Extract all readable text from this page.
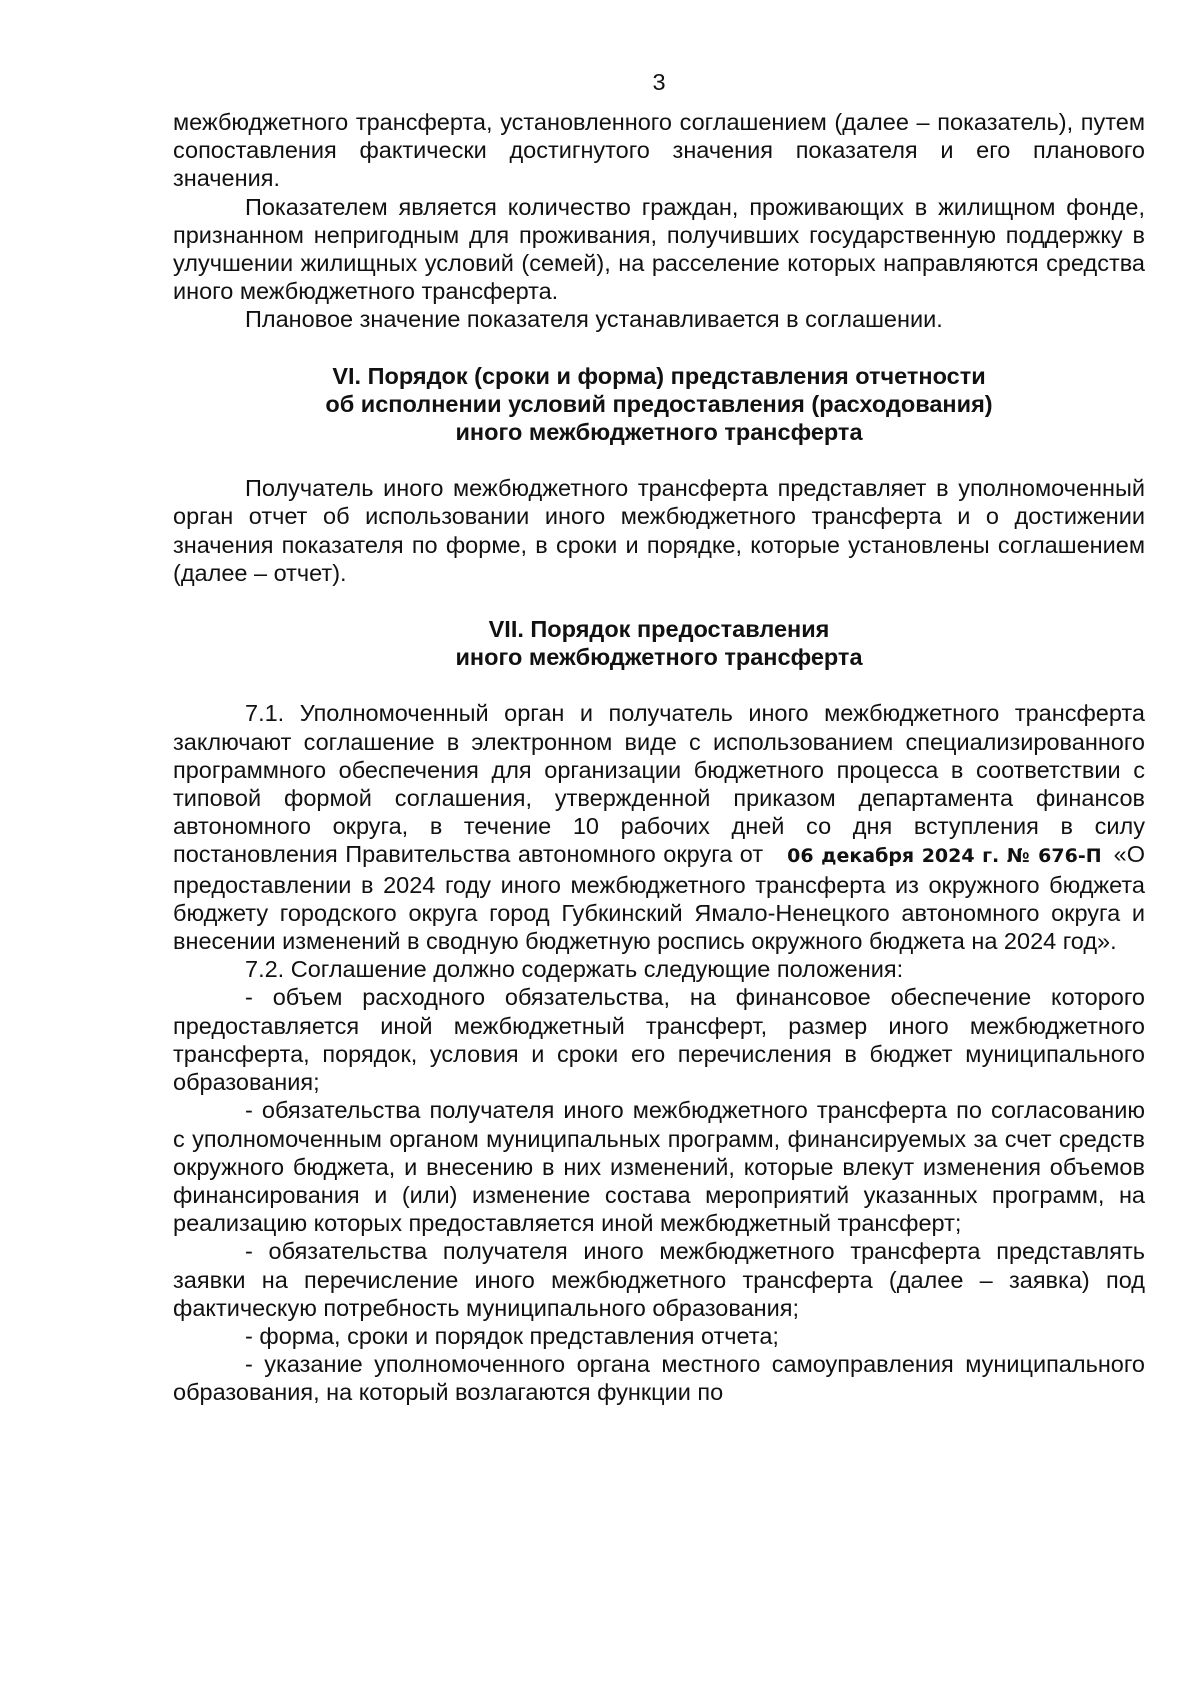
3

межбюджетного трансферта, установленного соглашением (далее – показатель), путем сопоставления фактически достигнутого значения показателя и его планового значения.

Показателем является количество граждан, проживающих в жилищном фонде, признанном непригодным для проживания, получивших государственную поддержку в улучшении жилищных условий (семей), на расселение которых направляются средства иного межбюджетного трансферта.

Плановое значение показателя устанавливается в соглашении.

VI. Порядок (сроки и форма) представления отчетности

об исполнении условий предоставления (расходования)

иного межбюджетного трансферта

Получатель иного межбюджетного трансферта представляет в уполномоченный орган отчет об использовании иного межбюджетного трансферта и о достижении значения показателя по форме, в сроки и порядке, которые установлены соглашением (далее – отчет).

VII. Порядок предоставления

иного межбюджетного трансферта

7.1. Уполномоченный орган и получатель иного межбюджетного трансферта заключают соглашение в электронном виде с использованием специализированного программного обеспечения для организации бюджетного процесса в соответствии с типовой формой соглашения, утвержденной приказом департамента финансов автономного округа, в течение 10 рабочих дней со дня вступления в силу постановления Правительства автономного округа от 06 декабря 2024 г. № 676-П «О предоставлении в 2024 году иного межбюджетного трансферта из окружного бюджета бюджету городского округа город Губкинский Ямало-Ненецкого автономного округа и внесении изменений в сводную бюджетную роспись окружного бюджета на 2024 год».

7.2. Соглашение должно содержать следующие положения:

- объем расходного обязательства, на финансовое обеспечение которого предоставляется иной межбюджетный трансферт, размер иного межбюджетного трансферта, порядок, условия и сроки его перечисления в бюджет муниципального образования;

- обязательства получателя иного межбюджетного трансферта по согласованию с уполномоченным органом муниципальных программ, финансируемых за счет средств окружного бюджета, и внесению в них изменений, которые влекут изменения объемов финансирования и (или) изменение состава мероприятий указанных программ, на реализацию которых предоставляется иной межбюджетный трансферт;

- обязательства получателя иного межбюджетного трансферта представлять заявки на перечисление иного межбюджетного трансферта (далее – заявка) под фактическую потребность муниципального образования;

- форма, сроки и порядок представления отчета;

- указание уполномоченного органа местного самоуправления муниципального образования, на который возлагаются функции по
